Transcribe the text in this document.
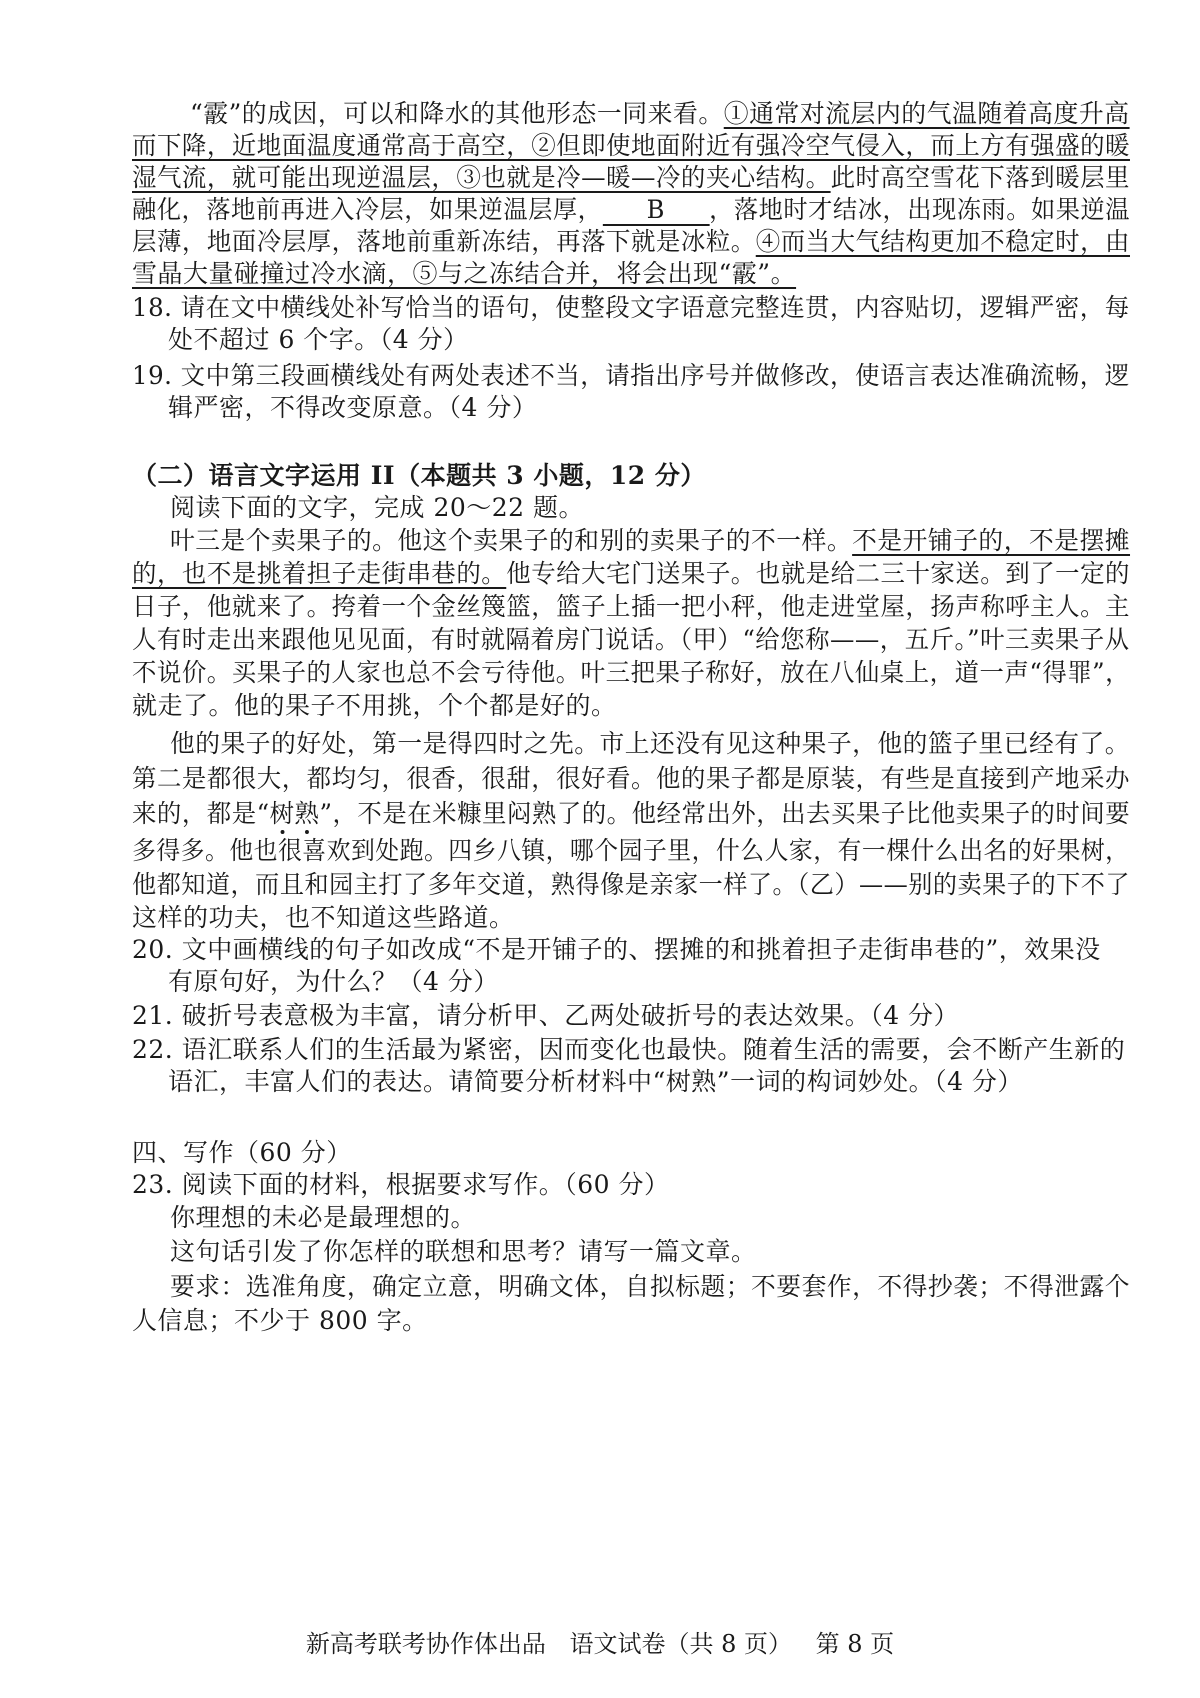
“霰”的成因，可以和降水的其他形态一同来看。①通常对流层内的气温随着高度升高
而下降，近地面温度通常高于高空，②但即使地面附近有强冷空气侵入，而上方有强盛的暖
湿气流，就可能出现逆温层，③也就是冷—暖—冷的夹心结构。此时高空雪花下落到暖层里
融化，落地前再进入冷层，如果逆温层厚， B ，落地时才结冰，出现冻雨。如果逆温
层薄，地面冷层厚，落地前重新冻结，再落下就是冰粒。④而当大气结构更加不稳定时，由
雪晶大量碰撞过冷水滴，⑤与之冻结合并，将会出现“霰”。
18. 请在文中横线处补写恰当的语句，使整段文字语意完整连贯，内容贴切，逻辑严密，每
处不超过 6 个字。（4 分）
19. 文中第三段画横线处有两处表述不当，请指出序号并做修改，使语言表达准确流畅，逻
辑严密，不得改变原意。（4 分）
（二）语言文字运用 II（本题共 3 小题，12 分）
阅读下面的文字，完成 20～22 题。
叶三是个卖果子的。他这个卖果子的和别的卖果子的不一样。不是开铺子的，不是摆摊
的，也不是挑着担子走街串巷的。他专给大宅门送果子。也就是给二三十家送。到了一定的
日子，他就来了。挎着一个金丝篾篮，篮子上插一把小秤，他走进堂屋，扬声称呼主人。主
人有时走出来跟他见见面，有时就隔着房门说话。（甲）“给您称——，五斤。”叶三卖果子从
不说价。买果子的人家也总不会亏待他。叶三把果子称好，放在八仙桌上，道一声“得罪”，
就走了。他的果子不用挑，个个都是好的。
他的果子的好处，第一是得四时之先。市上还没有见这种果子，他的篮子里已经有了。
第二是都很大，都均匀，很香，很甜，很好看。他的果子都是原装，有些是直接到产地采办
来的，都是“树熟”，不是在米糠里闷熟了的。他经常出外，出去买果子比他卖果子的时间要
多得多。他也很喜欢到处跑。四乡八镇，哪个园子里，什么人家，有一棵什么出名的好果树，
他都知道，而且和园主打了多年交道，熟得像是亲家一样了。（乙）——别的卖果子的下不了
这样的功夫，也不知道这些路道。
20. 文中画横线的句子如改成“不是开铺子的、摆摊的和挑着担子走街串巷的”，效果没
有原句好，为什么？（4 分）
21. 破折号表意极为丰富，请分析甲、乙两处破折号的表达效果。（4 分）
22. 语汇联系人们的生活最为紧密，因而变化也最快。随着生活的需要，会不断产生新的
语汇，丰富人们的表达。请简要分析材料中“树熟”一词的构词妙处。（4 分）
四、写作（60 分）
23. 阅读下面的材料，根据要求写作。（60 分）
你理想的未必是最理想的。
这句话引发了你怎样的联想和思考？请写一篇文章。
要求：选准角度，确定立意，明确文体，自拟标题；不要套作，不得抄袭；不得泄露个
人信息；不少于 800 字。
新高考联考协作体出品 语文试卷（共 8 页） 第 8 页
